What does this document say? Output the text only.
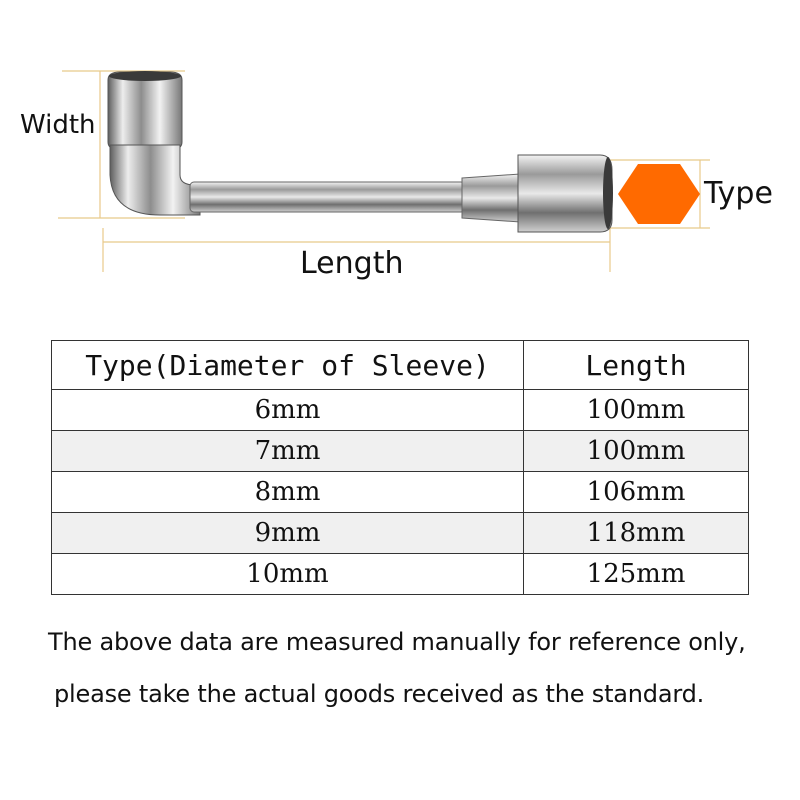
Width
Length
Type
Type(Diameter of Sleeve)	Length
6mm	100mm
7mm	100mm
8mm	106mm
9mm	118mm
10mm	125mm
The above data are measured manually for reference only,
please take the actual goods received as the standard.
